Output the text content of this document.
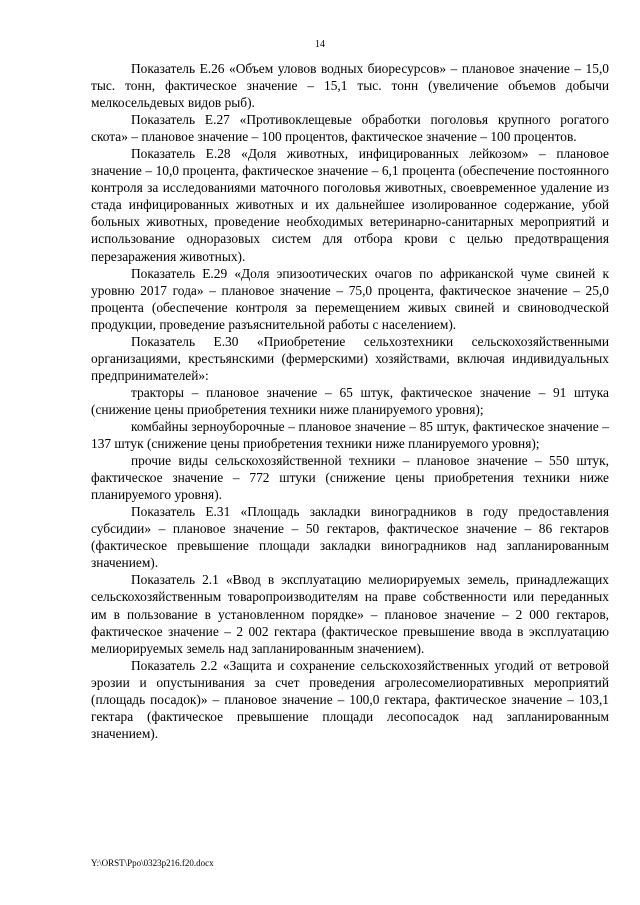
14

Показатель E.26 «Объем уловов водных биоресурсов» – плановое значение – 15,0 тыс. тонн, фактическое значение – 15,1 тыс. тонн (увеличение объемов добычи мелкосельдевых видов рыб).

Показатель E.27 «Противоклещевые обработки поголовья крупного рогатого скота» – плановое значение – 100 процентов, фактическое значение – 100 процентов.

Показатель E.28 «Доля животных, инфицированных лейкозом» – плановое значение – 10,0 процента, фактическое значение – 6,1 процента (обеспечение постоянного контроля за исследованиями маточного поголовья животных, своевременное удаление из стада инфицированных животных и их дальнейшее изолированное содержание, убой больных животных, проведение необходимых ветеринарно-санитарных мероприятий и использование одноразовых систем для отбора крови с целью предотвращения перезаражения животных).

Показатель E.29 «Доля эпизоотических очагов по африканской чуме свиней к уровню 2017 года» – плановое значение – 75,0 процента, фактическое значение – 25,0 процента (обеспечение контроля за перемещением живых свиней и свиноводческой продукции, проведение разъяснительной работы с населением).

Показатель E.30 «Приобретение сельхозтехники сельскохозяйственными организациями, крестьянскими (фермерскими) хозяйствами, включая индивидуальных предпринимателей»:

тракторы – плановое значение – 65 штук, фактическое значение – 91 штука (снижение цены приобретения техники ниже планируемого уровня);

комбайны зерноуборочные – плановое значение – 85 штук, фактическое значение – 137 штук (снижение цены приобретения техники ниже планируемого уровня);

прочие виды сельскохозяйственной техники – плановое значение – 550 штук, фактическое значение – 772 штуки (снижение цены приобретения техники ниже планируемого уровня).

Показатель E.31 «Площадь закладки виноградников в году предоставления субсидии» – плановое значение – 50 гектаров, фактическое значение – 86 гектаров (фактическое превышение площади закладки виноградников над запланированным значением).

Показатель 2.1 «Ввод в эксплуатацию мелиорируемых земель, принадлежащих сельскохозяйственным товаропроизводителям на праве собственности или переданных им в пользование в установленном порядке» – плановое значение – 2 000 гектаров, фактическое значение – 2 002 гектара (фактическое превышение ввода в эксплуатацию мелиорируемых земель над запланированным значением).

Показатель 2.2 «Защита и сохранение сельскохозяйственных угодий от ветровой эрозии и опустынивания за счет проведения агролесомелиоративных мероприятий (площадь посадок)» – плановое значение – 100,0 гектара, фактическое значение – 103,1 гектара (фактическое превышение площади лесопосадок над запланированным значением).

Y:\ORST\Ppo\0323p216.f20.docx
